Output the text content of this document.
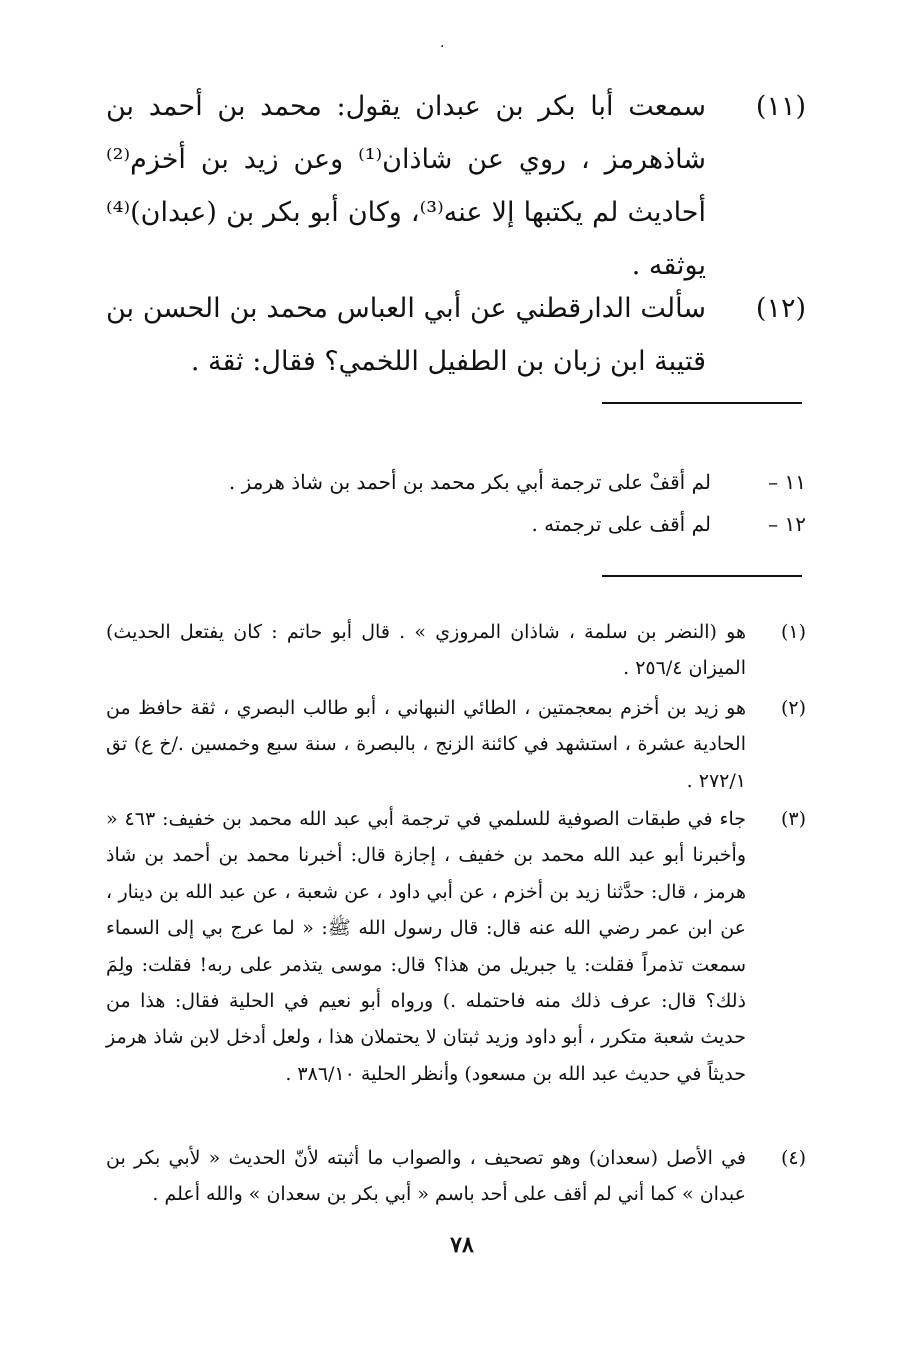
·
(١١)
سمعت أبا بكر بن عبدان يقول: محمد بن أحمد بن شاذهرمز ، روي عن شاذان⁽¹⁾ وعن زيد بن أخزم⁽²⁾ أحاديث لم يكتبها إلا عنه⁽³⁾، وكان أبو بكر بن (عبدان)⁽⁴⁾ يوثقه .
(١٢)
سألت الدارقطني عن أبي العباس محمد بن الحسن بن قتيبة ابن زبان بن الطفيل اللخمي؟ فقال: ثقة .
١١ –
لم أقفْ على ترجمة أبي بكر محمد بن أحمد بن شاذ هرمز .
١٢ –
لم أقف على ترجمته .
(١)
هو (النضر بن سلمة ، شاذان المروزي » . قال أبو حاتم : كان يفتعل الحديث) الميزان ٢٥٦/٤ .
(٢)
هو زيد بن أخزم بمعجمتين ، الطائي النبهاني ، أبو طالب البصري ، ثقة حافظ من الحادية عشرة ، استشهد في كائنة الزنج ، بالبصرة ، سنة سبع وخمسين ./خ ع) تق ٢٧٢/١ .
(٣)
جاء في طبقات الصوفية للسلمي في ترجمة أبي عبد الله محمد بن خفيف: ٤٦٣ « وأخبرنا أبو عبد الله محمد بن خفيف ، إجازة قال: أخبرنا محمد بن أحمد بن شاذ هرمز ، قال: حدَّثنا زيد بن أخزم ، عن أبي داود ، عن شعبة ، عن عبد الله بن دينار ، عن ابن عمر رضي الله عنه قال: قال رسول الله ﷺ: « لما عرج بي إلى السماء سمعت تذمراً فقلت: يا جبريل من هذا؟ قال: موسى يتذمر على ربه! فقلت: ولِمَ ذلك؟ قال: عرف ذلك منه فاحتمله .) ورواه أبو نعيم في الحلية فقال: هذا من حديث شعبة متكرر ، أبو داود وزيد ثبتان لا يحتملان هذا ، ولعل أدخل لابن شاذ هرمز حديثاً في حديث عبد الله بن مسعود) وأنظر الحلية ٣٨٦/١٠ .
(٤)
في الأصل (سعدان) وهو تصحيف ، والصواب ما أثبته لأنّ الحديث « لأبي بكر بن عبدان » كما أني لم أقف على أحد باسم « أبي بكر بن سعدان » والله أعلم .
٧٨
